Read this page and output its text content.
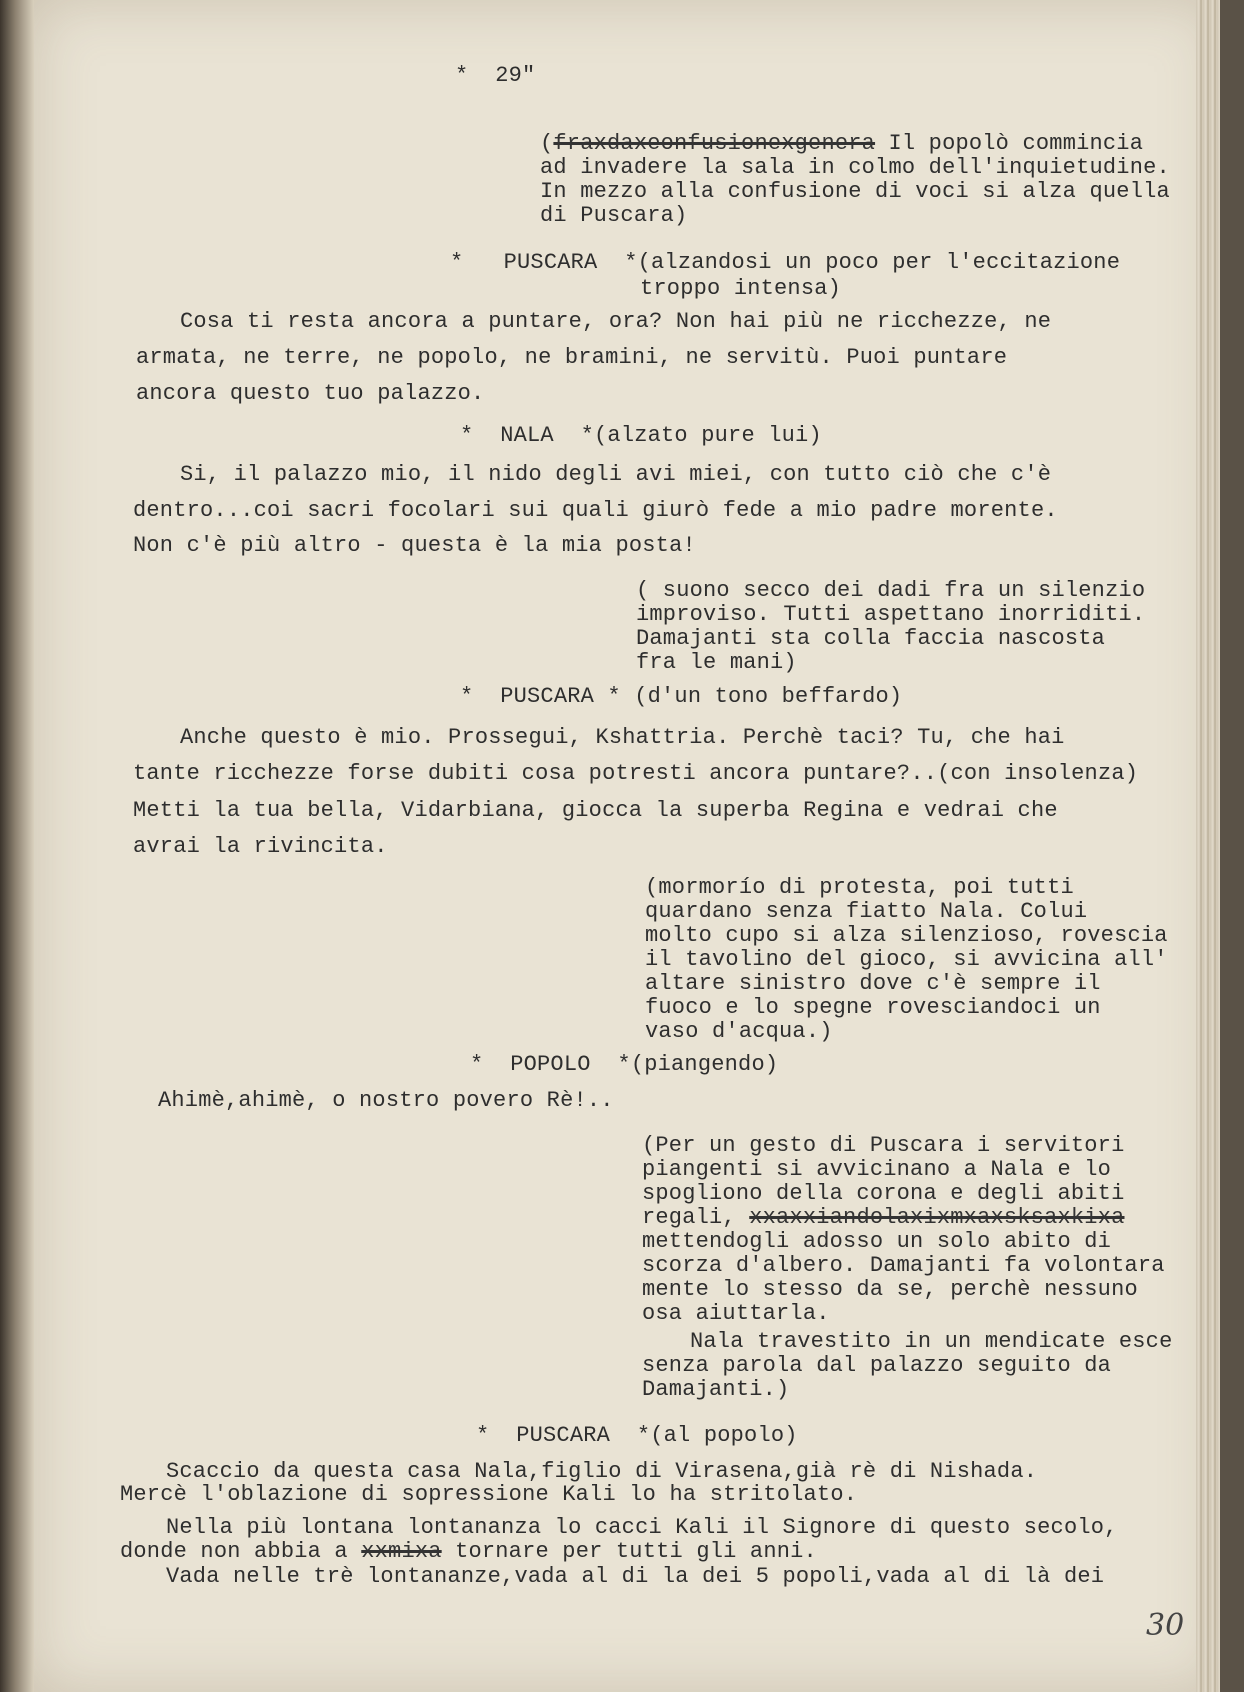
*  29"
(fraxdaxeonfusionexgenera Il popolò commincia
ad invadere la sala in colmo dell'inquietudine.
In mezzo alla confusione di voci si alza quella
di Puscara)
*   PUSCARA  *(alzandosi un poco per l'eccitazione
troppo intensa)
Cosa ti resta ancora a puntare, ora? Non hai più ne ricchezze, ne
armata, ne terre, ne popolo, ne bramini, ne servitù. Puoi puntare
ancora questo tuo palazzo.
*  NALA  *(alzato pure lui)
Si, il palazzo mio, il nido degli avi miei, con tutto ciò che c'è
dentro...coi sacri focolari sui quali giurò fede a mio padre morente.
Non c'è più altro - questa è la mia posta!
( suono secco dei dadi fra un silenzio
improviso. Tutti aspettano inorriditi.
Damajanti sta colla faccia nascosta
fra le mani)
*  PUSCARA * (d'un tono beffardo)
Anche questo è mio. Prossegui, Kshattria. Perchè taci? Tu, che hai
tante ricchezze forse dubiti cosa potresti ancora puntare?..(con insolenza)
Metti la tua bella, Vidarbiana, giocca la superba Regina e vedrai che
avrai la rivincita.
(mormorío di protesta, poi tutti
quardano senza fiatto Nala. Colui
molto cupo si alza silenzioso, rovescia
il tavolino del gioco, si avvicina all'
altare sinistro dove c'è sempre il
fuoco e lo spegne rovesciandoci un
vaso d'acqua.)
*  POPOLO  *(piangendo)
Ahimè,ahimè, o nostro povero Rè!..
(Per un gesto di Puscara i servitori
piangenti si avvicinano a Nala e lo
spogliono della corona e degli abiti
regali, xxaxxiandolaxixmxaxsksaxkixa
mettendogli adosso un solo abito di
scorza d'albero. Damajanti fa volontara
mente lo stesso da se, perchè nessuno
osa aiuttarla.
Nala travestito in un mendicate esce
senza parola dal palazzo seguito da
Damajanti.)
*  PUSCARA  *(al popolo)
Scaccio da questa casa Nala,figlio di Virasena,già rè di Nishada.
Mercè l'oblazione di sopressione Kali lo ha stritolato.
Nella più lontana lontananza lo cacci Kali il Signore di questo secolo,
donde non abbia a xxmixa tornare per tutti gli anni.
Vada nelle trè lontananze,vada al di la dei 5 popoli,vada al di là dei
30
